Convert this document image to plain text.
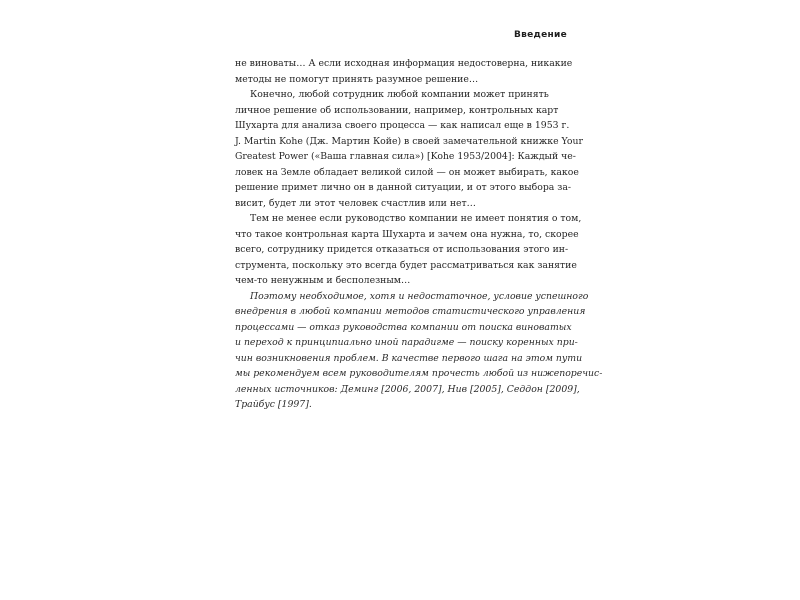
Введение

не виноваты… А если исходная информация недостоверна, никакие
методы не помогут принять разумное решение…

Конечно, любой сотрудник любой компании может принять
личное решение об использовании, например, контрольных карт
Шухарта для анализа своего процесса — как написал еще в 1953 г.
J. Martin Kohe (Дж. Мартин Койе) в своей замечательной книжке Your
Greatest Power («Ваша главная сила») [Kohe 1953/2004]: Каждый че-
ловек на Земле обладает великой силой — он может выбирать, какое
решение примет лично он в данной ситуации, и от этого выбора за-
висит, будет ли этот человек счастлив или нет…

Тем не менее если руководство компании не имеет понятия о том,
что такое контрольная карта Шухарта и зачем она нужна, то, скорее
всего, сотруднику придется отказаться от использования этого ин-
струмента, поскольку это всегда будет рассматриваться как занятие
чем-то ненужным и бесполезным…

Поэтому необходимое, хотя и недостаточное, условие успешного
внедрения в любой компании методов статистического управления
процессами — отказ руководства компании от поиска виноватых
и переход к принципиально иной парадигме — поиску коренных при-
чин возникновения проблем. В качестве первого шага на этом пути
мы рекомендуем всем руководителям прочесть любой из нижепоречис-
ленных источников: Деминг [2006, 2007], Нив [2005], Седдон [2009],
Трайбус [1997].
